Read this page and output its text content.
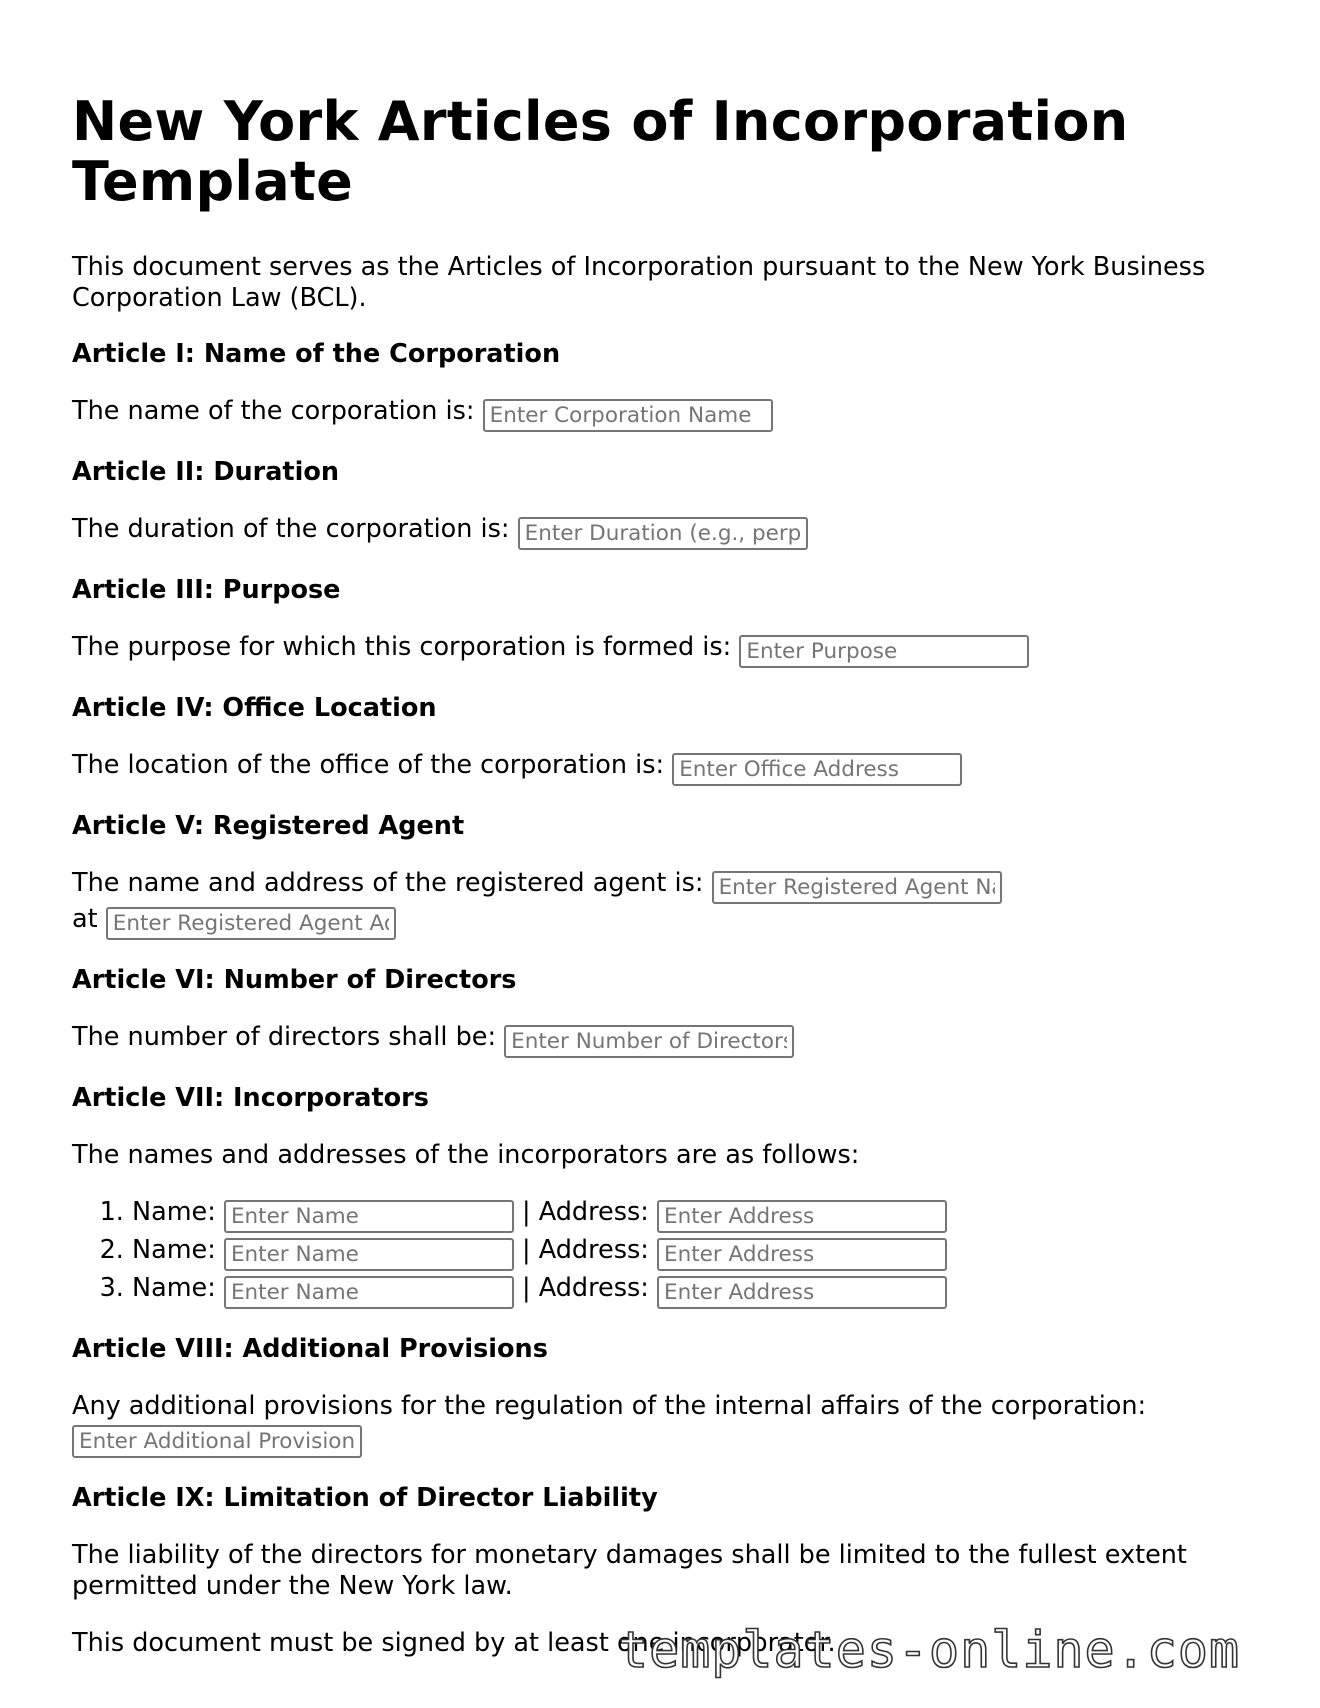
New York Articles of Incorporation Template

This document serves as the Articles of Incorporation pursuant to the New York Business Corporation Law (BCL).

Article I: Name of the Corporation

The name of the corporation is: Enter Corporation Name

Article II: Duration

The duration of the corporation is: Enter Duration (e.g., perpetual)

Article III: Purpose

The purpose for which this corporation is formed is: Enter Purpose

Article IV: Office Location

The location of the office of the corporation is: Enter Office Address

Article V: Registered Agent

The name and address of the registered agent is: Enter Registered Agent Name
at Enter Registered Agent Address

Article VI: Number of Directors

The number of directors shall be: Enter Number of Directors

Article VII: Incorporators

The names and addresses of the incorporators are as follows:

1. Name: Enter Name	| Address: Enter Address
2. Name: Enter Name	| Address: Enter Address
3. Name: Enter Name	| Address: Enter Address
Article VIII: Additional Provisions

Any additional provisions for the regulation of the internal affairs of the corporation:
Enter Additional Provisions

Article IX: Limitation of Director Liability

The liability of the directors for monetary damages shall be limited to the fullest extent permitted under the New York law.

This document must be signed by at least one incorporator.

templates-online.com
